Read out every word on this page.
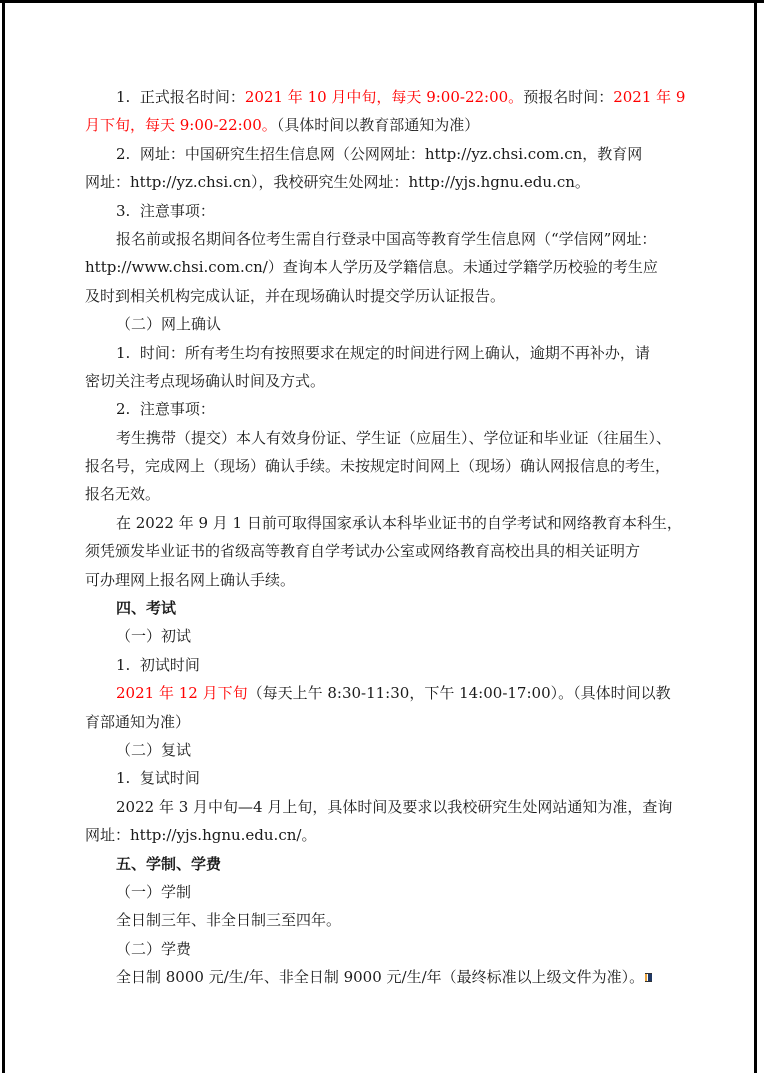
1.  正式报名时间：2021 年 10 月中旬，每天 9:00-22:00。预报名时间：2021 年 9
月下旬，每天 9:00-22:00。（具体时间以教育部通知为准）
2.  网址：中国研究生招生信息网（公网网址：http://yz.chsi.com.cn，教育网
网址：http://yz.chsi.cn），我校研究生处网址：http://yjs.hgnu.edu.cn。
3.  注意事项：
报名前或报名期间各位考生需自行登录中国高等教育学生信息网（“学信网”网址：
http://www.chsi.com.cn/）查询本人学历及学籍信息。未通过学籍学历校验的考生应
及时到相关机构完成认证，并在现场确认时提交学历认证报告。
（二）网上确认
1.  时间：所有考生均有按照要求在规定的时间进行网上确认，逾期不再补办，请
密切关注考点现场确认时间及方式。
2.  注意事项：
考生携带（提交）本人有效身份证、学生证（应届生）、学位证和毕业证（往届生）、
报名号，完成网上（现场）确认手续。未按规定时间网上（现场）确认网报信息的考生，
报名无效。
在 2022 年 9 月 1 日前可取得国家承认本科毕业证书的自学考试和网络教育本科生，
须凭颁发毕业证书的省级高等教育自学考试办公室或网络教育高校出具的相关证明方
可办理网上报名网上确认手续。
四、考试
（一）初试
1.  初试时间
2021 年 12 月下旬（每天上午 8:30-11:30，下午 14:00-17:00）。（具体时间以教
育部通知为准）
（二）复试
1.  复试时间
2022 年 3 月中旬—4 月上旬，具体时间及要求以我校研究生处网站通知为准，查询
网址：http://yjs.hgnu.edu.cn/。
五、学制、学费
（一）学制
全日制三年、非全日制三至四年。
（二）学费
全日制 8000 元/生/年、非全日制 9000 元/生/年（最终标准以上级文件为准）。
